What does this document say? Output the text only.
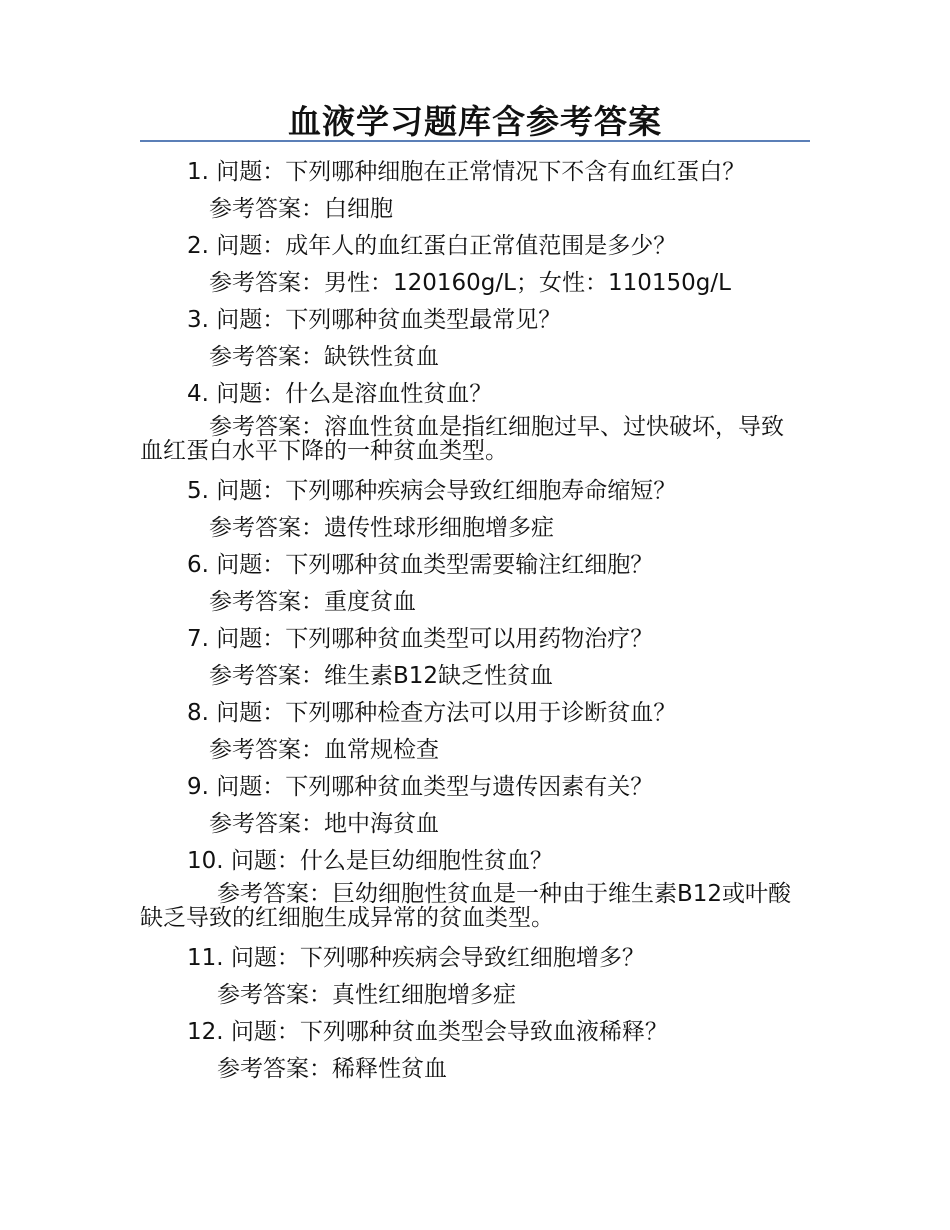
血液学习题库含参考答案
1. 问题：下列哪种细胞在正常情况下不含有血红蛋白？
参考答案：白细胞
2. 问题：成年人的血红蛋白正常值范围是多少？
参考答案：男性：120160g/L；女性：110150g/L
3. 问题：下列哪种贫血类型最常见？
参考答案：缺铁性贫血
4. 问题：什么是溶血性贫血？
参考答案：溶血性贫血是指红细胞过早、过快破坏，导致血红蛋白水平下降的一种贫血类型。
5. 问题：下列哪种疾病会导致红细胞寿命缩短？
参考答案：遗传性球形细胞增多症
6. 问题：下列哪种贫血类型需要输注红细胞？
参考答案：重度贫血
7. 问题：下列哪种贫血类型可以用药物治疗？
参考答案：维生素B12缺乏性贫血
8. 问题：下列哪种检查方法可以用于诊断贫血？
参考答案：血常规检查
9. 问题：下列哪种贫血类型与遗传因素有关？
参考答案：地中海贫血
10. 问题：什么是巨幼细胞性贫血？
参考答案：巨幼细胞性贫血是一种由于维生素B12或叶酸缺乏导致的红细胞生成异常的贫血类型。
11. 问题：下列哪种疾病会导致红细胞增多？
参考答案：真性红细胞增多症
12. 问题：下列哪种贫血类型会导致血液稀释？
参考答案：稀释性贫血
